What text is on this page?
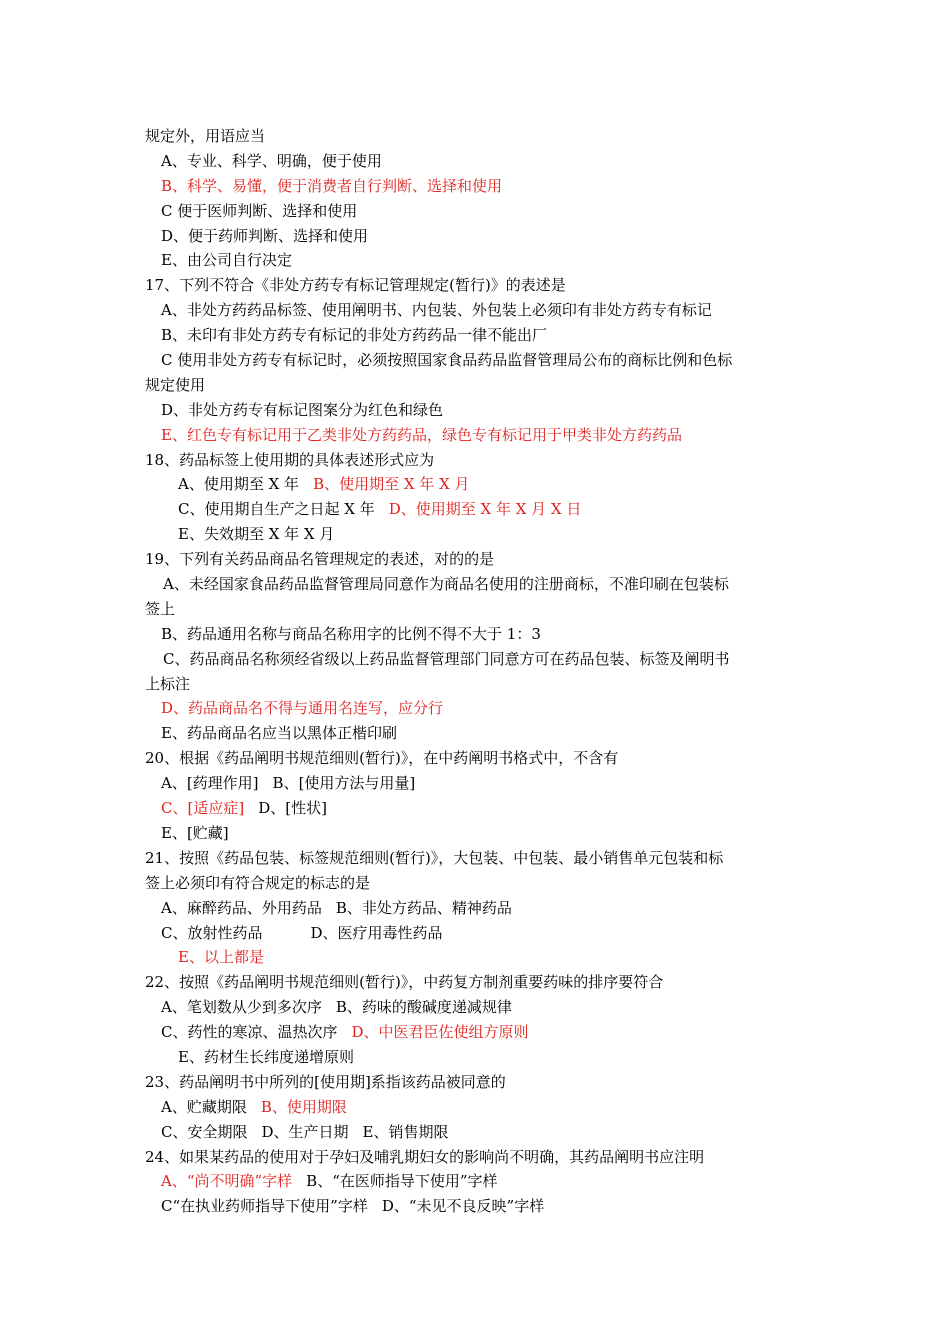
规定外，用语应当
A、专业、科学、明确，便于使用
B、科学、易懂，便于消费者自行判断、选择和使用
C 便于医师判断、选择和使用
D、便于药师判断、选择和使用
E、由公司自行决定
17、下列不符合《非处方药专有标记管理规定(暂行)》的表述是
A、非处方药药品标签、使用阐明书、内包装、外包装上必须印有非处方药专有标记
B、未印有非处方药专有标记的非处方药药品一律不能出厂
C 使用非处方药专有标记时，必须按照国家食品药品监督管理局公布的商标比例和色标
规定使用
D、非处方药专有标记图案分为红色和绿色
E、红色专有标记用于乙类非处方药药品，绿色专有标记用于甲类非处方药药品
18、药品标签上使用期的具体表述形式应为
A、使用期至 X 年 B、使用期至 X 年 X 月
C、使用期自生产之日起 X 年 D、使用期至 X 年 X 月 X 日
E、失效期至 X 年 X 月
19、下列有关药品商品名管理规定的表述，对的的是
A、未经国家食品药品监督管理局同意作为商品名使用的注册商标，不准印刷在包装标
签上
B、药品通用名称与商品名称用字的比例不得不大于 1：3
C、药品商品名称须经省级以上药品监督管理部门同意方可在药品包装、标签及阐明书
上标注
D、药品商品名不得与通用名连写，应分行
E、药品商品名应当以黑体正楷印刷
20、根据《药品阐明书规范细则(暂行)》，在中药阐明书格式中，不含有
A、[药理作用] B、[使用方法与用量]
C、[适应症] D、[性状]
E、[贮藏]
21、按照《药品包装、标签规范细则(暂行)》，大包装、中包装、最小销售单元包装和标
签上必须印有符合规定的标志的是
A、麻醉药品、外用药品 B、非处方药品、精神药品
C、放射性药品	D、医疗用毒性药品
E、以上都是
22、按照《药品阐明书规范细则(暂行)》，中药复方制剂重要药味的排序要符合
A、笔划数从少到多次序 B、药味的酸碱度递减规律
C、药性的寒凉、温热次序 D、中医君臣佐使组方原则
E、药材生长纬度递增原则
23、药品阐明书中所列的[使用期]系指该药品被同意的
A、贮藏期限 B、使用期限
C、安全期限 D、生产日期 E、销售期限
24、如果某药品的使用对于孕妇及哺乳期妇女的影响尚不明确，其药品阐明书应注明
A、“尚不明确”字样 B、“在医师指导下使用”字样
C“在执业药师指导下使用”字样 D、“未见不良反映”字样
